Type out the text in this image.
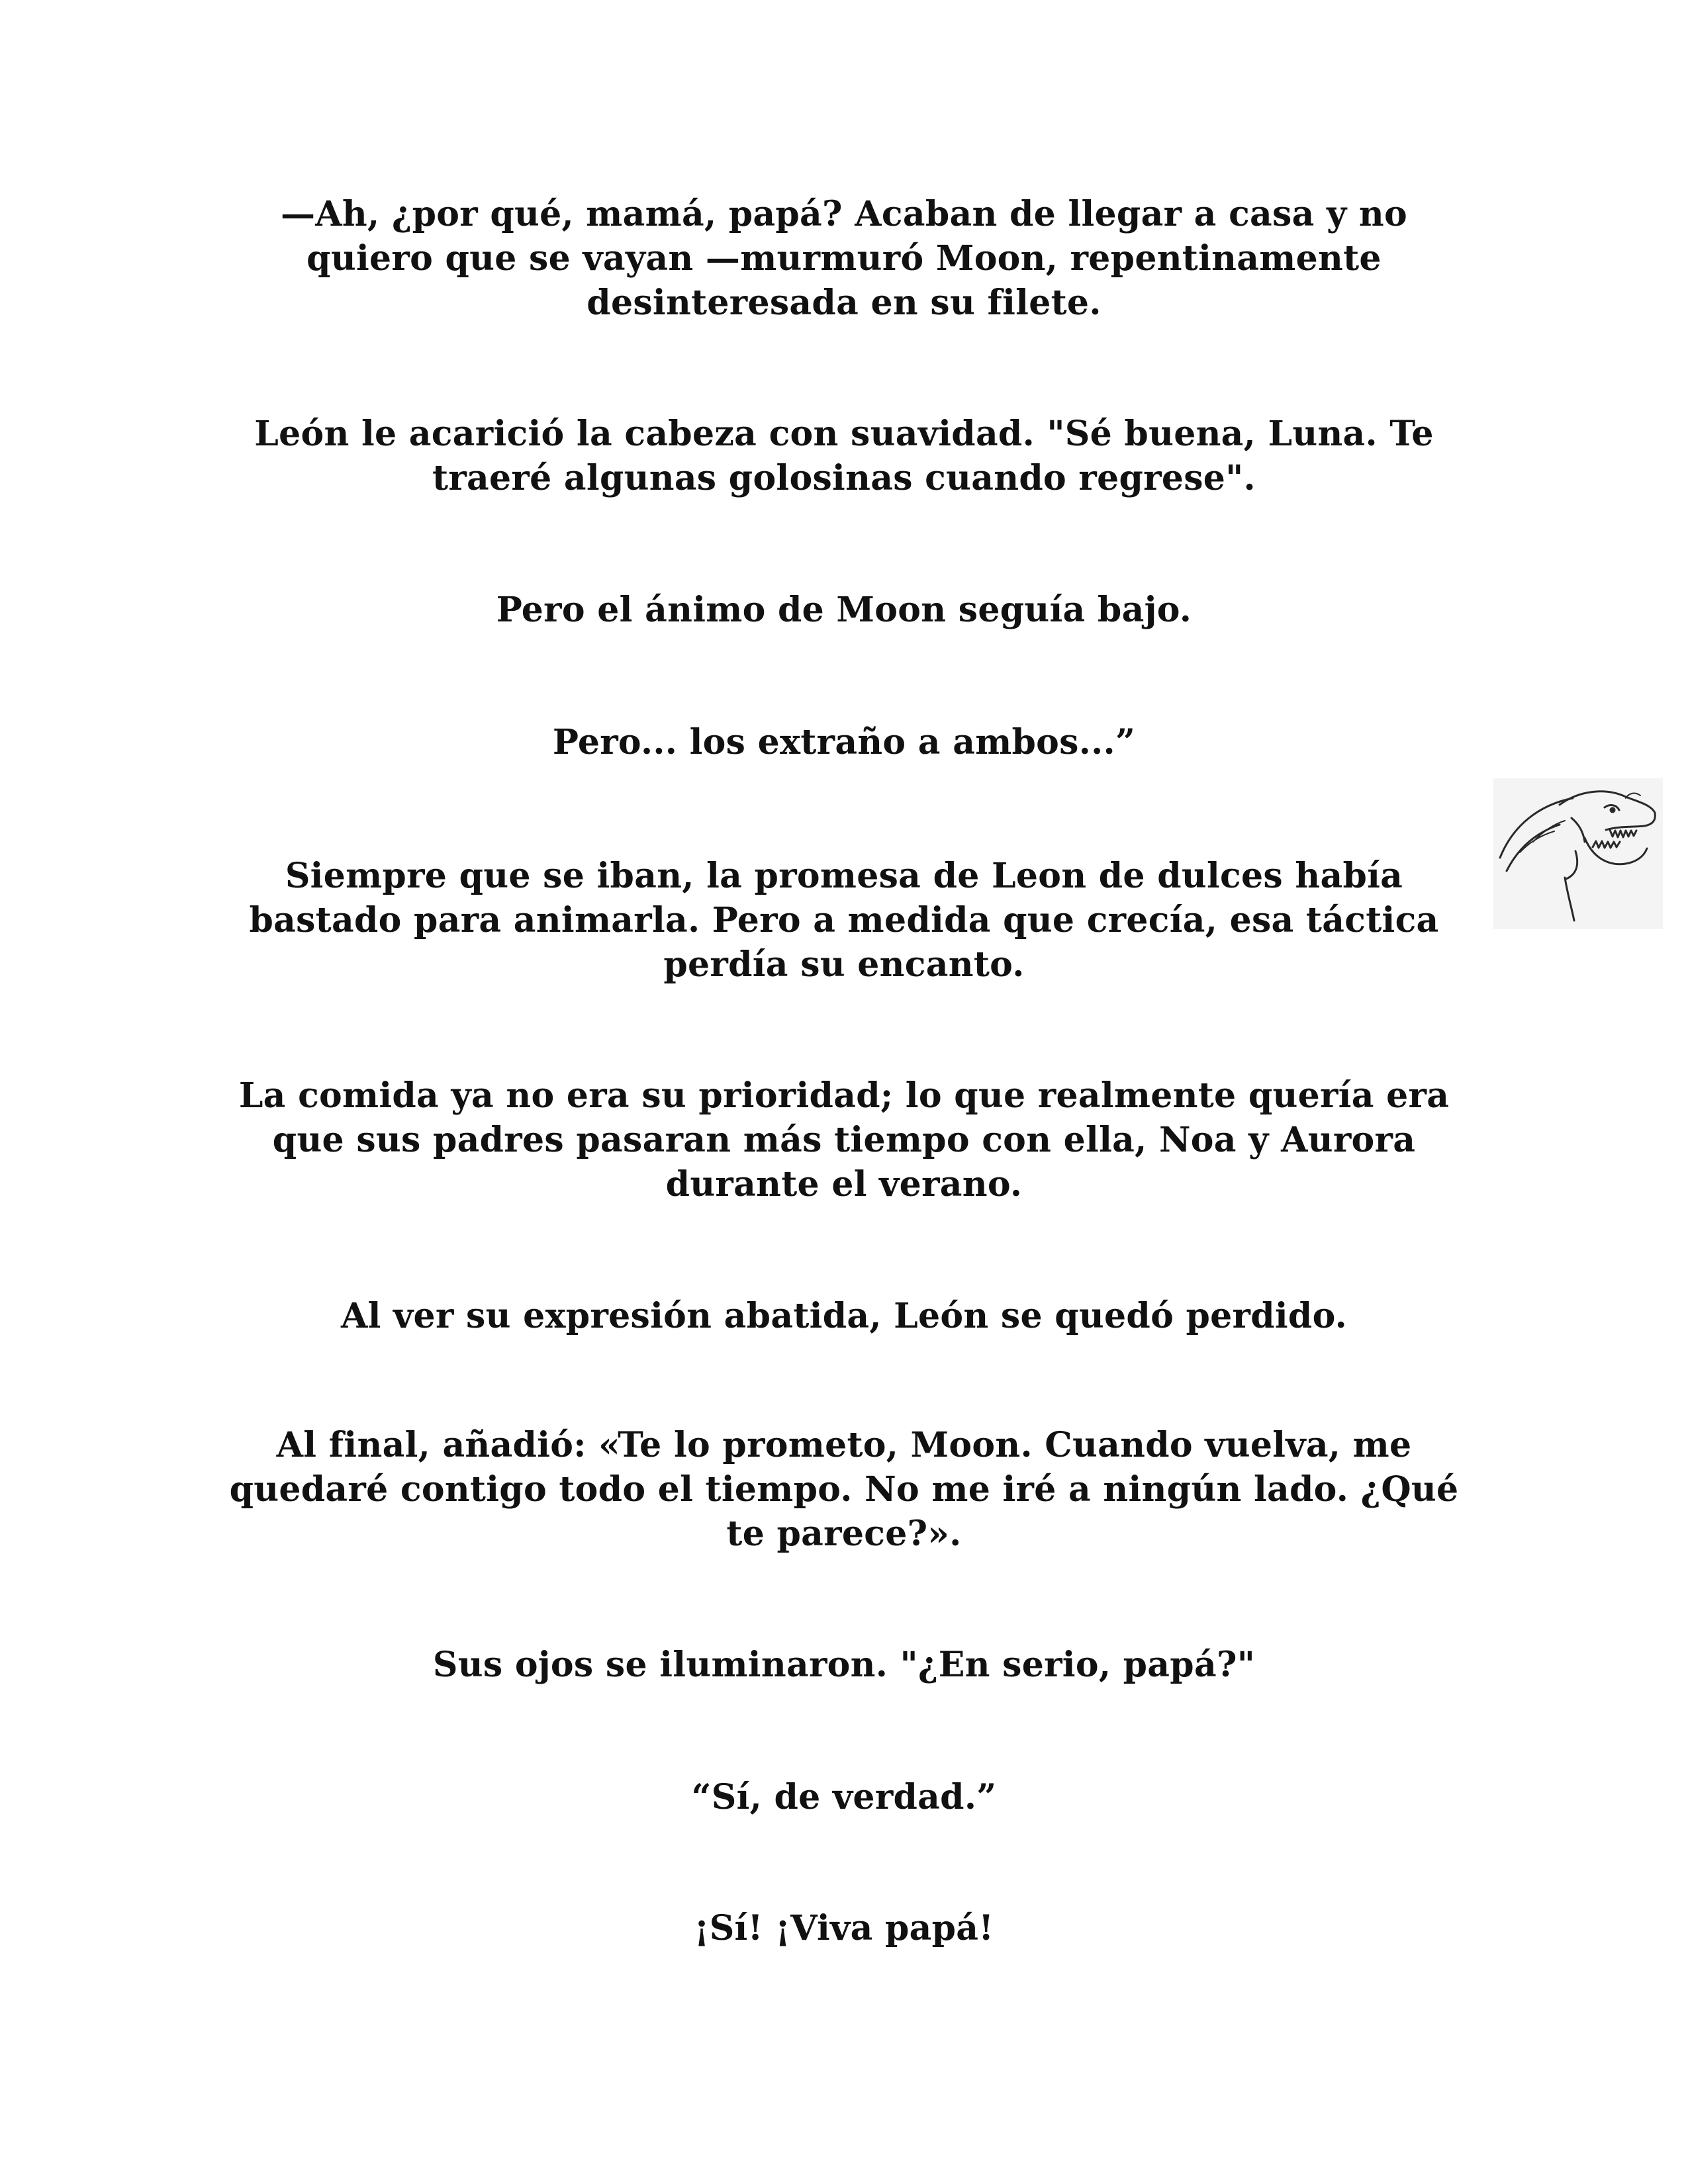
—Ah, ¿por qué, mamá, papá? Acaban de llegar a casa y no
quiero que se vayan —murmuró Moon, repentinamente
desinteresada en su filete.

León le acarició la cabeza con suavidad. "Sé buena, Luna. Te
traeré algunas golosinas cuando regrese".

Pero el ánimo de Moon seguía bajo.

Pero... los extraño a ambos...”

Siempre que se iban, la promesa de Leon de dulces había
bastado para animarla. Pero a medida que crecía, esa táctica
perdía su encanto.

La comida ya no era su prioridad; lo que realmente quería era
que sus padres pasaran más tiempo con ella, Noa y Aurora
durante el verano.

Al ver su expresión abatida, León se quedó perdido.

Al final, añadió: «Te lo prometo, Moon. Cuando vuelva, me
quedaré contigo todo el tiempo. No me iré a ningún lado. ¿Qué
te parece?».

Sus ojos se iluminaron. "¿En serio, papá?"

“Sí, de verdad.”

¡Sí! ¡Viva papá!
